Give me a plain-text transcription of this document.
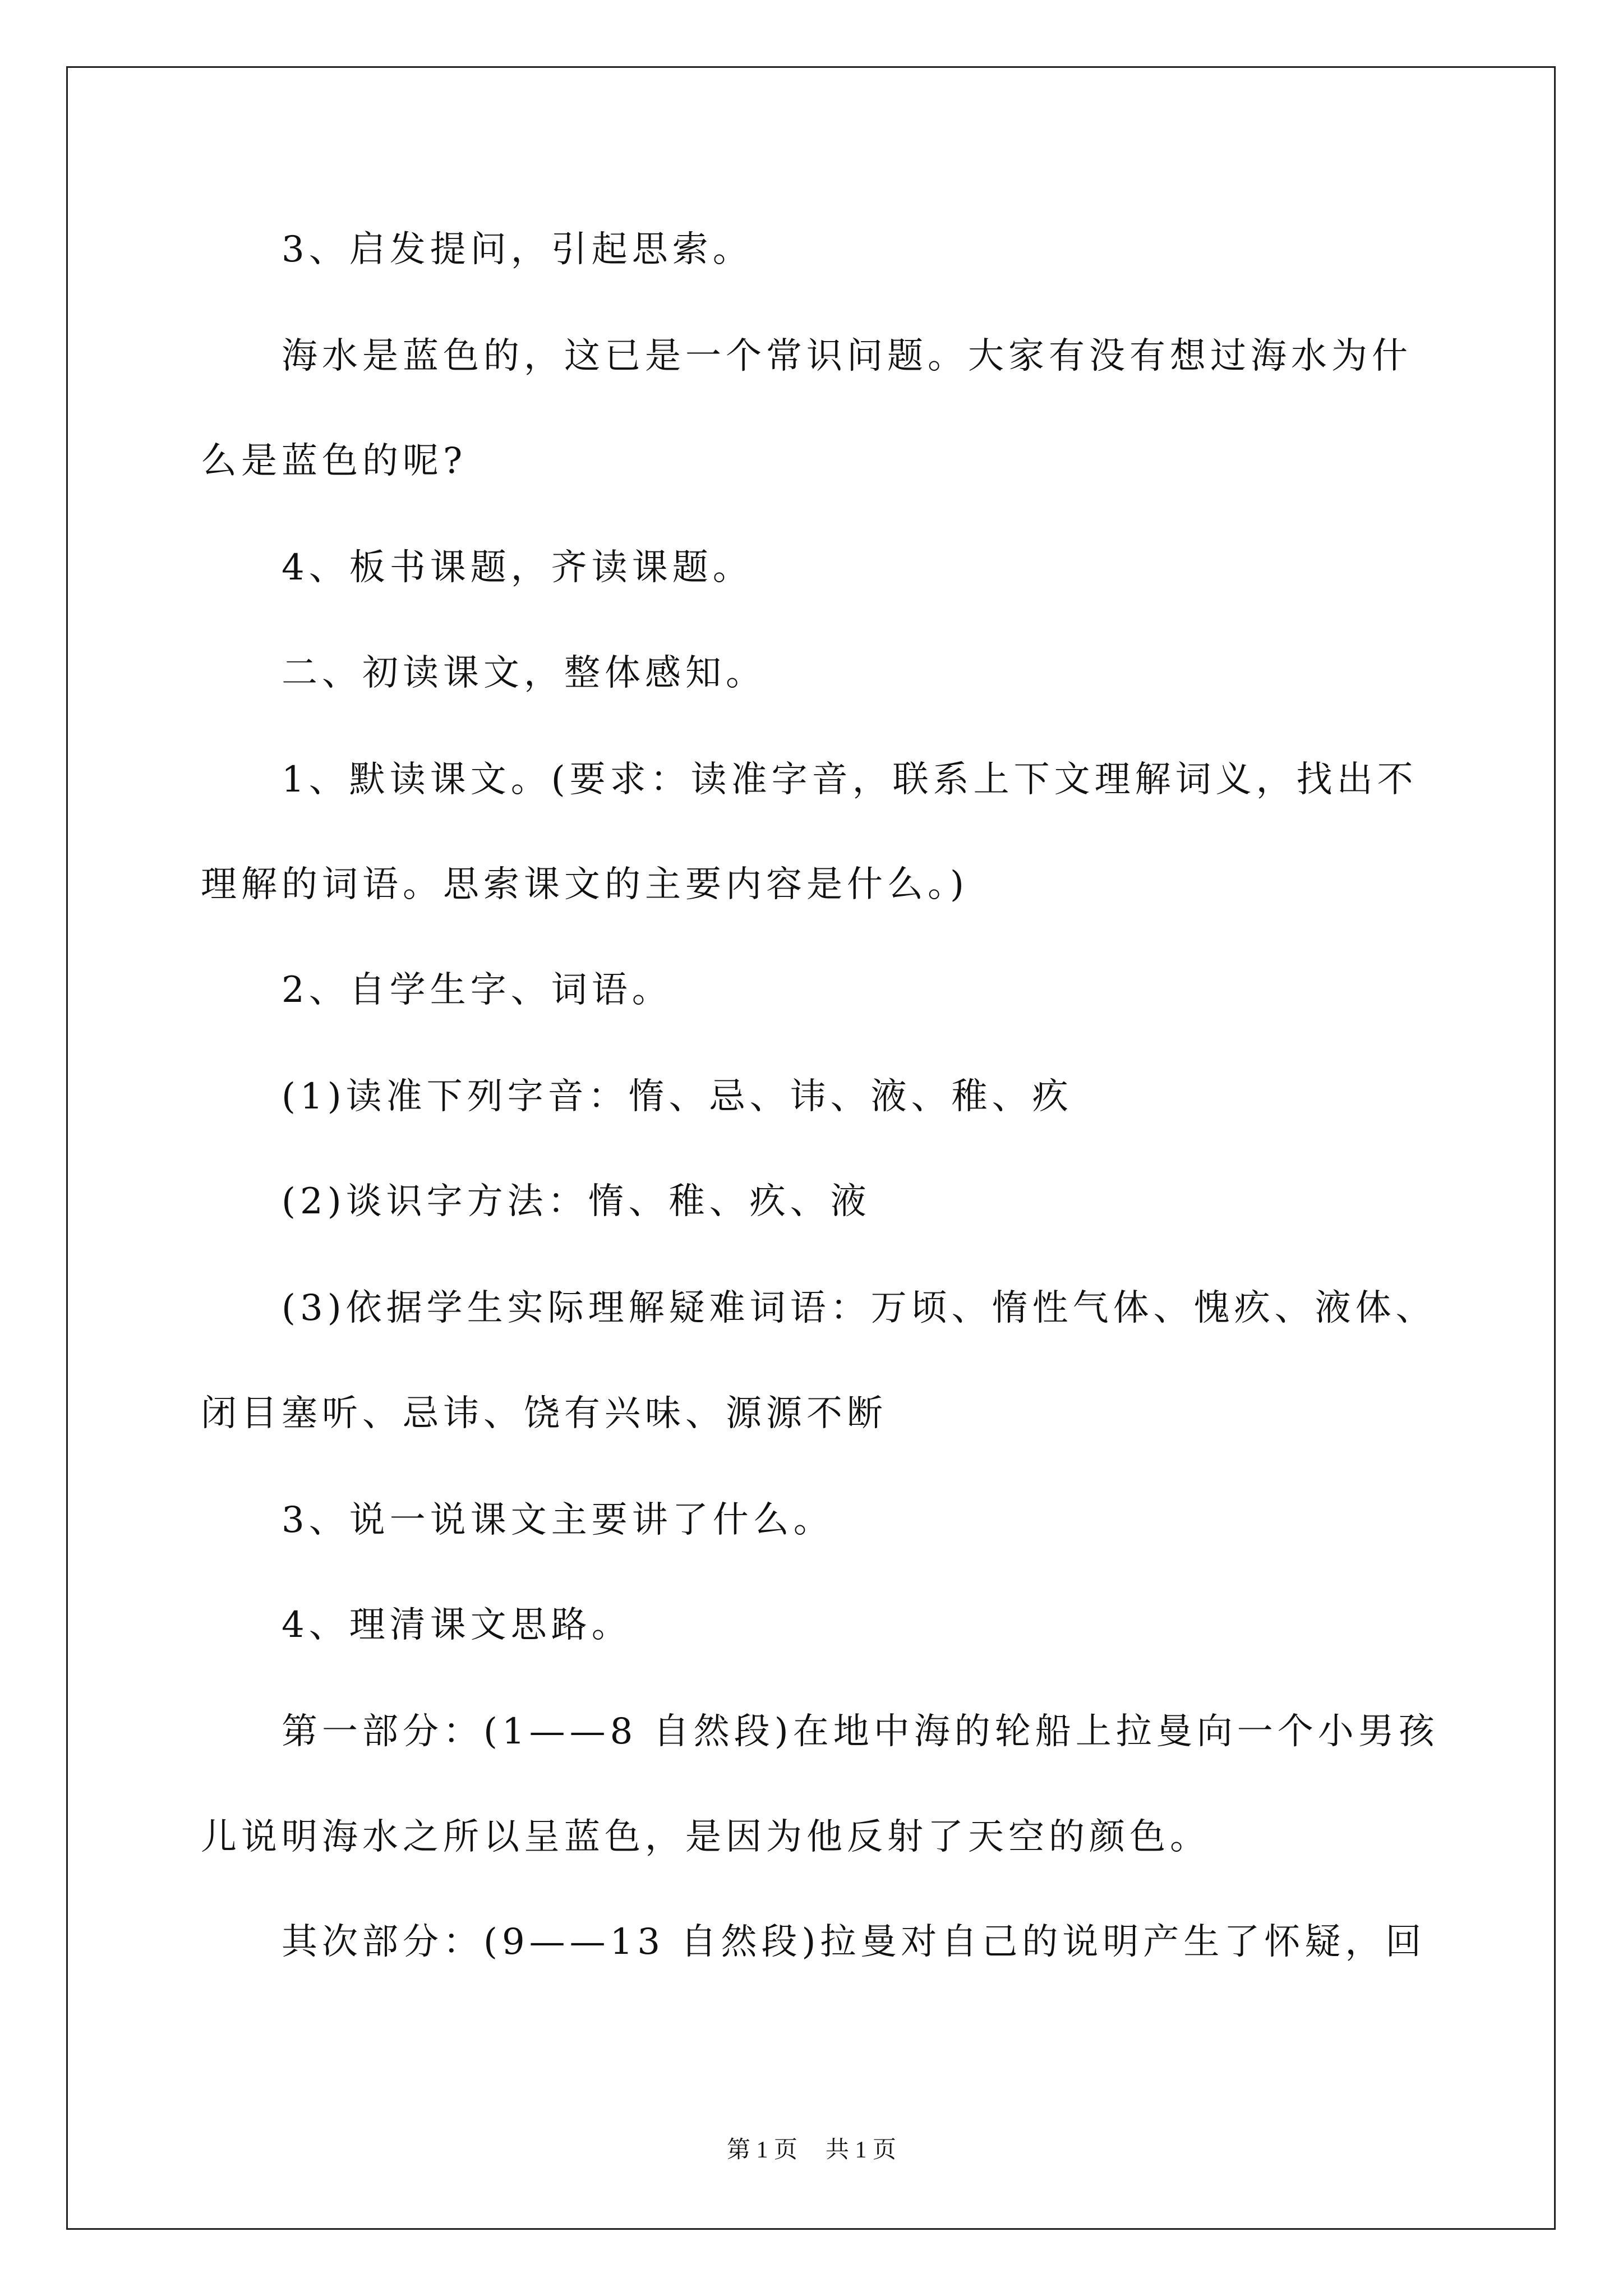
3、启发提问，引起思索。
海水是蓝色的，这已是一个常识问题。大家有没有想过海水为什
么是蓝色的呢?
4、板书课题，齐读课题。
二、初读课文，整体感知。
1、默读课文。(要求：读准字音，联系上下文理解词义，找出不
理解的词语。思索课文的主要内容是什么。)
2、自学生字、词语。
(1)读准下列字音：惰、忌、讳、液、稚、疚
(2)谈识字方法：惰、稚、疚、液
(3)依据学生实际理解疑难词语：万顷、惰性气体、愧疚、液体、
闭目塞听、忌讳、饶有兴味、源源不断
3、说一说课文主要讲了什么。
4、理清课文思路。
第一部分：(1——8 自然段)在地中海的轮船上拉曼向一个小男孩
儿说明海水之所以呈蓝色，是因为他反射了天空的颜色。
其次部分：(9——13 自然段)拉曼对自己的说明产生了怀疑，回
第 1 页 共 1 页
